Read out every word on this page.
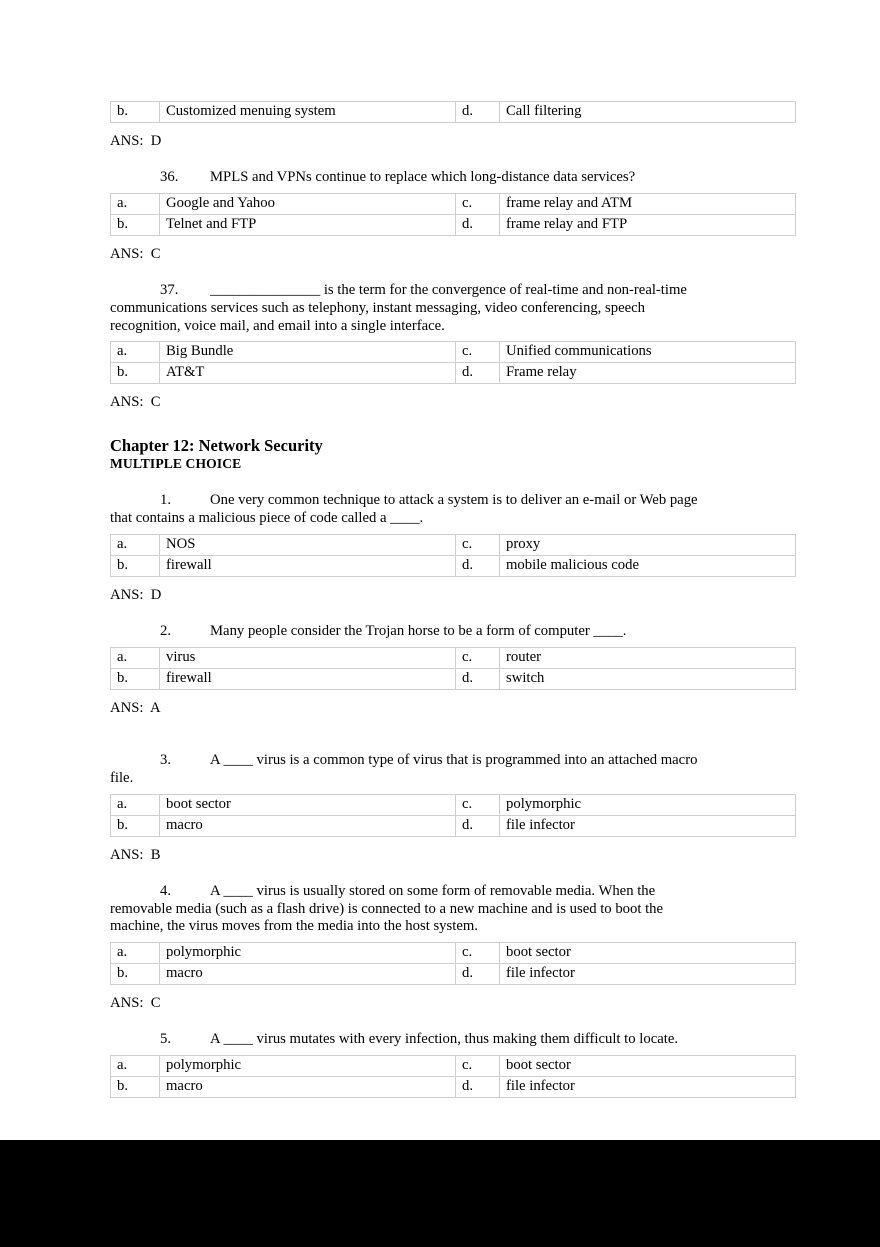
b.	Customized menuing system	d.	Call filtering

ANS:  D

36. MPLS and VPNs continue to replace which long-distance data services?

a.	Google and Yahoo	c.	frame relay and ATM
b.	Telnet and FTP	d.	frame relay and FTP

ANS:  C

37. _______________ is the term for the convergence of real-time and non-real-time

communications services such as telephony, instant messaging, video conferencing, speech

recognition, voice mail, and email into a single interface.

a.	Big Bundle	c.	Unified communications
b.	AT&T	d.	Frame relay

ANS:  C

Chapter 12: Network Security
MULTIPLE CHOICE

1.	One very common technique to attack a system is to deliver an e-mail or Web page

that contains a malicious piece of code called a ____.

a.	NOS	c.	proxy
b.	firewall	d.	mobile malicious code

ANS:  D

2.	Many people consider the Trojan horse to be a form of computer ____.

a.	virus	c.	router
b.	firewall	d.	switch

ANS:  A

3.	A ____ virus is a common type of virus that is programmed into an attached macro

file.

a.	boot sector	c.	polymorphic
b.	macro	d.	file infector

ANS:  B

4.	A ____ virus is usually stored on some form of removable media. When the

removable media (such as a flash drive) is connected to a new machine and is used to boot the

machine, the virus moves from the media into the host system.

a.	polymorphic	c.	boot sector
b.	macro	d.	file infector

ANS:  C

5.	A ____ virus mutates with every infection, thus making them difficult to locate.

a.	polymorphic	c.	boot sector
b.	macro	d.	file infector
